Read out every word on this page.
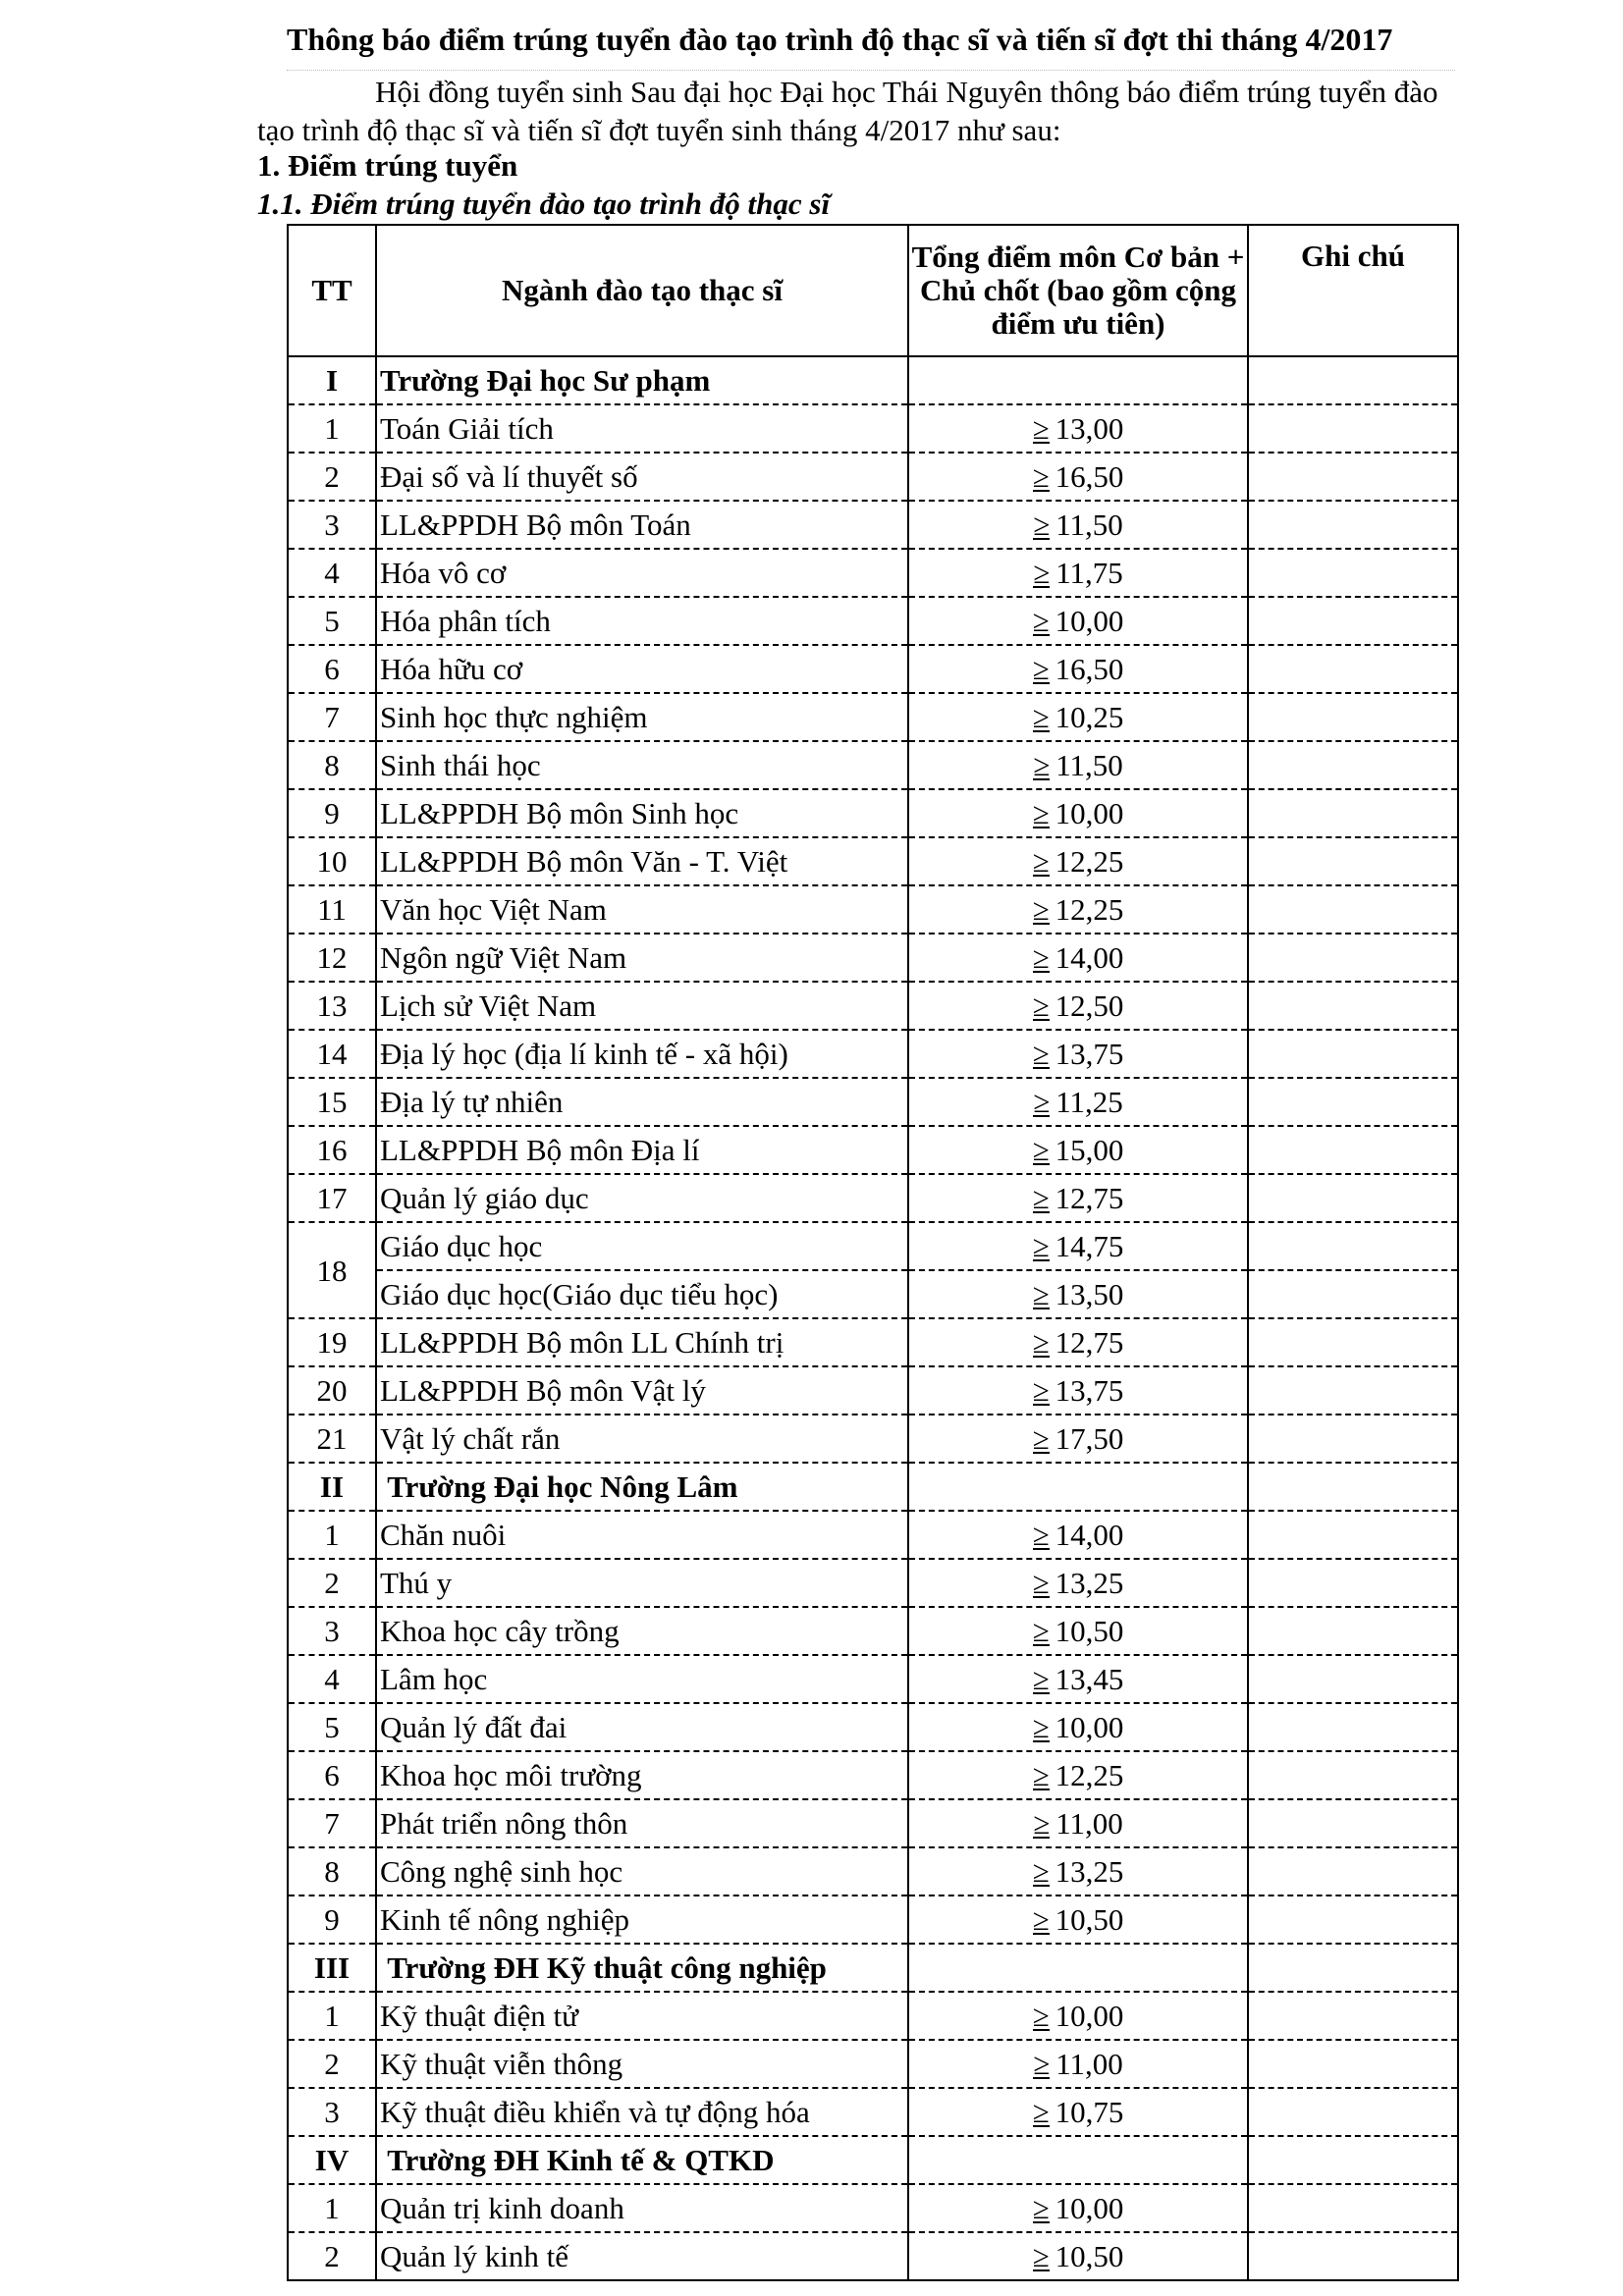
Thông báo điểm trúng tuyển đào tạo trình độ thạc sĩ và tiến sĩ đợt thi tháng 4/2017
Hội đồng tuyển sinh Sau đại học Đại học Thái Nguyên thông báo điểm trúng tuyển đào tạo trình độ thạc sĩ và tiến sĩ đợt tuyển sinh tháng 4/2017 như sau:
1. Điểm trúng tuyển
1.1. Điểm trúng tuyển đào tạo trình độ thạc sĩ
TT	Ngành đào tạo thạc sĩ	Tổng điểm môn Cơ bản + Chủ chốt (bao gồm cộng điểm ưu tiên)	Ghi chú

I	Trường Đại học Sư phạm		
1	Toán Giải tích	≥ 13,00	
2	Đại số và lí thuyết số	≥ 16,50	
3	LL&PPDH Bộ môn Toán	≥ 11,50	
4	Hóa vô cơ	≥ 11,75	
5	Hóa phân tích	≥ 10,00	
6	Hóa hữu cơ	≥ 16,50	
7	Sinh học thực nghiệm	≥ 10,25	
8	Sinh thái học	≥ 11,50	
9	LL&PPDH Bộ môn Sinh học	≥ 10,00	
10	LL&PPDH Bộ môn Văn - T. Việt	≥ 12,25	
11	Văn học Việt Nam	≥ 12,25	
12	Ngôn ngữ Việt Nam	≥ 14,00	
13	Lịch sử Việt Nam	≥ 12,50	
14	Địa lý học (địa lí kinh tế - xã hội)	≥ 13,75	
15	Địa lý tự nhiên	≥ 11,25	
16	LL&PPDH Bộ môn Địa lí	≥ 15,00	
17	Quản lý giáo dục	≥ 12,75	
18	Giáo dục học	≥ 14,75	
	Giáo dục học(Giáo dục tiểu học)	≥ 13,50	
19	LL&PPDH Bộ môn LL Chính trị	≥ 12,75	
20	LL&PPDH Bộ môn Vật lý	≥ 13,75	
21	Vật lý chất rắn	≥ 17,50	
II	Trường Đại học Nông Lâm		
1	Chăn nuôi	≥ 14,00	
2	Thú y	≥ 13,25	
3	Khoa học cây trồng	≥ 10,50	
4	Lâm học	≥ 13,45	
5	Quản lý đất đai	≥ 10,00	
6	Khoa học môi trường	≥ 12,25	
7	Phát triển nông thôn	≥ 11,00	
8	Công nghệ sinh học	≥ 13,25	
9	Kinh tế nông nghiệp	≥ 10,50	
III	Trường ĐH Kỹ thuật công nghiệp		
1	Kỹ thuật điện tử	≥ 10,00	
2	Kỹ thuật viễn thông	≥ 11,00	
3	Kỹ thuật điều khiển và tự động hóa	≥ 10,75	
IV	Trường ĐH Kinh tế & QTKD		
1	Quản trị kinh doanh	≥ 10,00	
2	Quản lý kinh tế	≥ 10,50	
